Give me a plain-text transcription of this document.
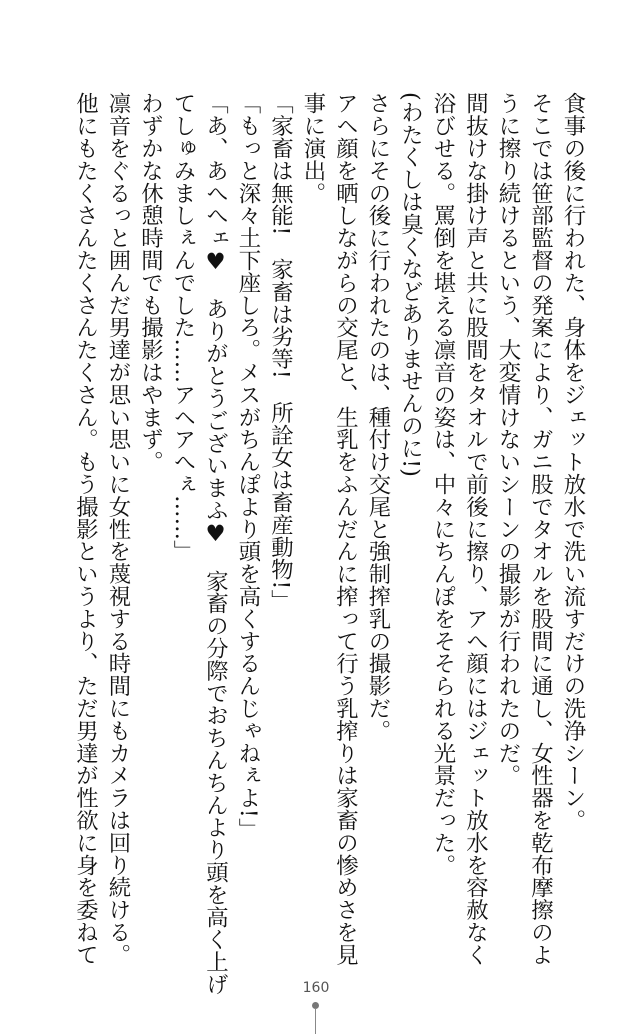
食事の後に行われた、身体をジェット放水で洗い流すだけの洗浄シーン。
そこでは笹部監督の発案により、ガニ股でタオルを股間に通し、女性器を乾布摩擦のよ
うに擦り続けるという、大変情けないシーンの撮影が行われたのだ。
間抜けな掛け声と共に股間をタオルで前後に擦り、アへ顔にはジェット放水を容赦なく
浴びせる。罵倒を堪える凛音の姿は、中々にちんぽをそそられる光景だった。
(わたくしは臭くなどありませんのに!)
さらにその後に行われたのは、種付け交尾と強制搾乳の撮影だ。
アヘ顔を晒しながらの交尾と、生乳をふんだんに搾って行う乳搾りは家畜の惨めさを見
事に演出。
「家畜は無能!　家畜は劣等!　所詮女は畜産動物!」
「もっと深々土下座しろ。メスがちんぽより頭を高くするんじゃねぇよ!」
「あ、あへへェ♥　ありがとうございまふ♥　家畜の分際でおちんちんより頭を高く上げ
てしゅみましぇんでした……アヘアへぇ……」
わずかな休憩時間でも撮影はやまず。
凛音をぐるっと囲んだ男達が思い思いに女性を蔑視する時間にもカメラは回り続ける。
他にもたくさんたくさんたくさん。もう撮影というより、ただ男達が性欲に身を委ねて
160
